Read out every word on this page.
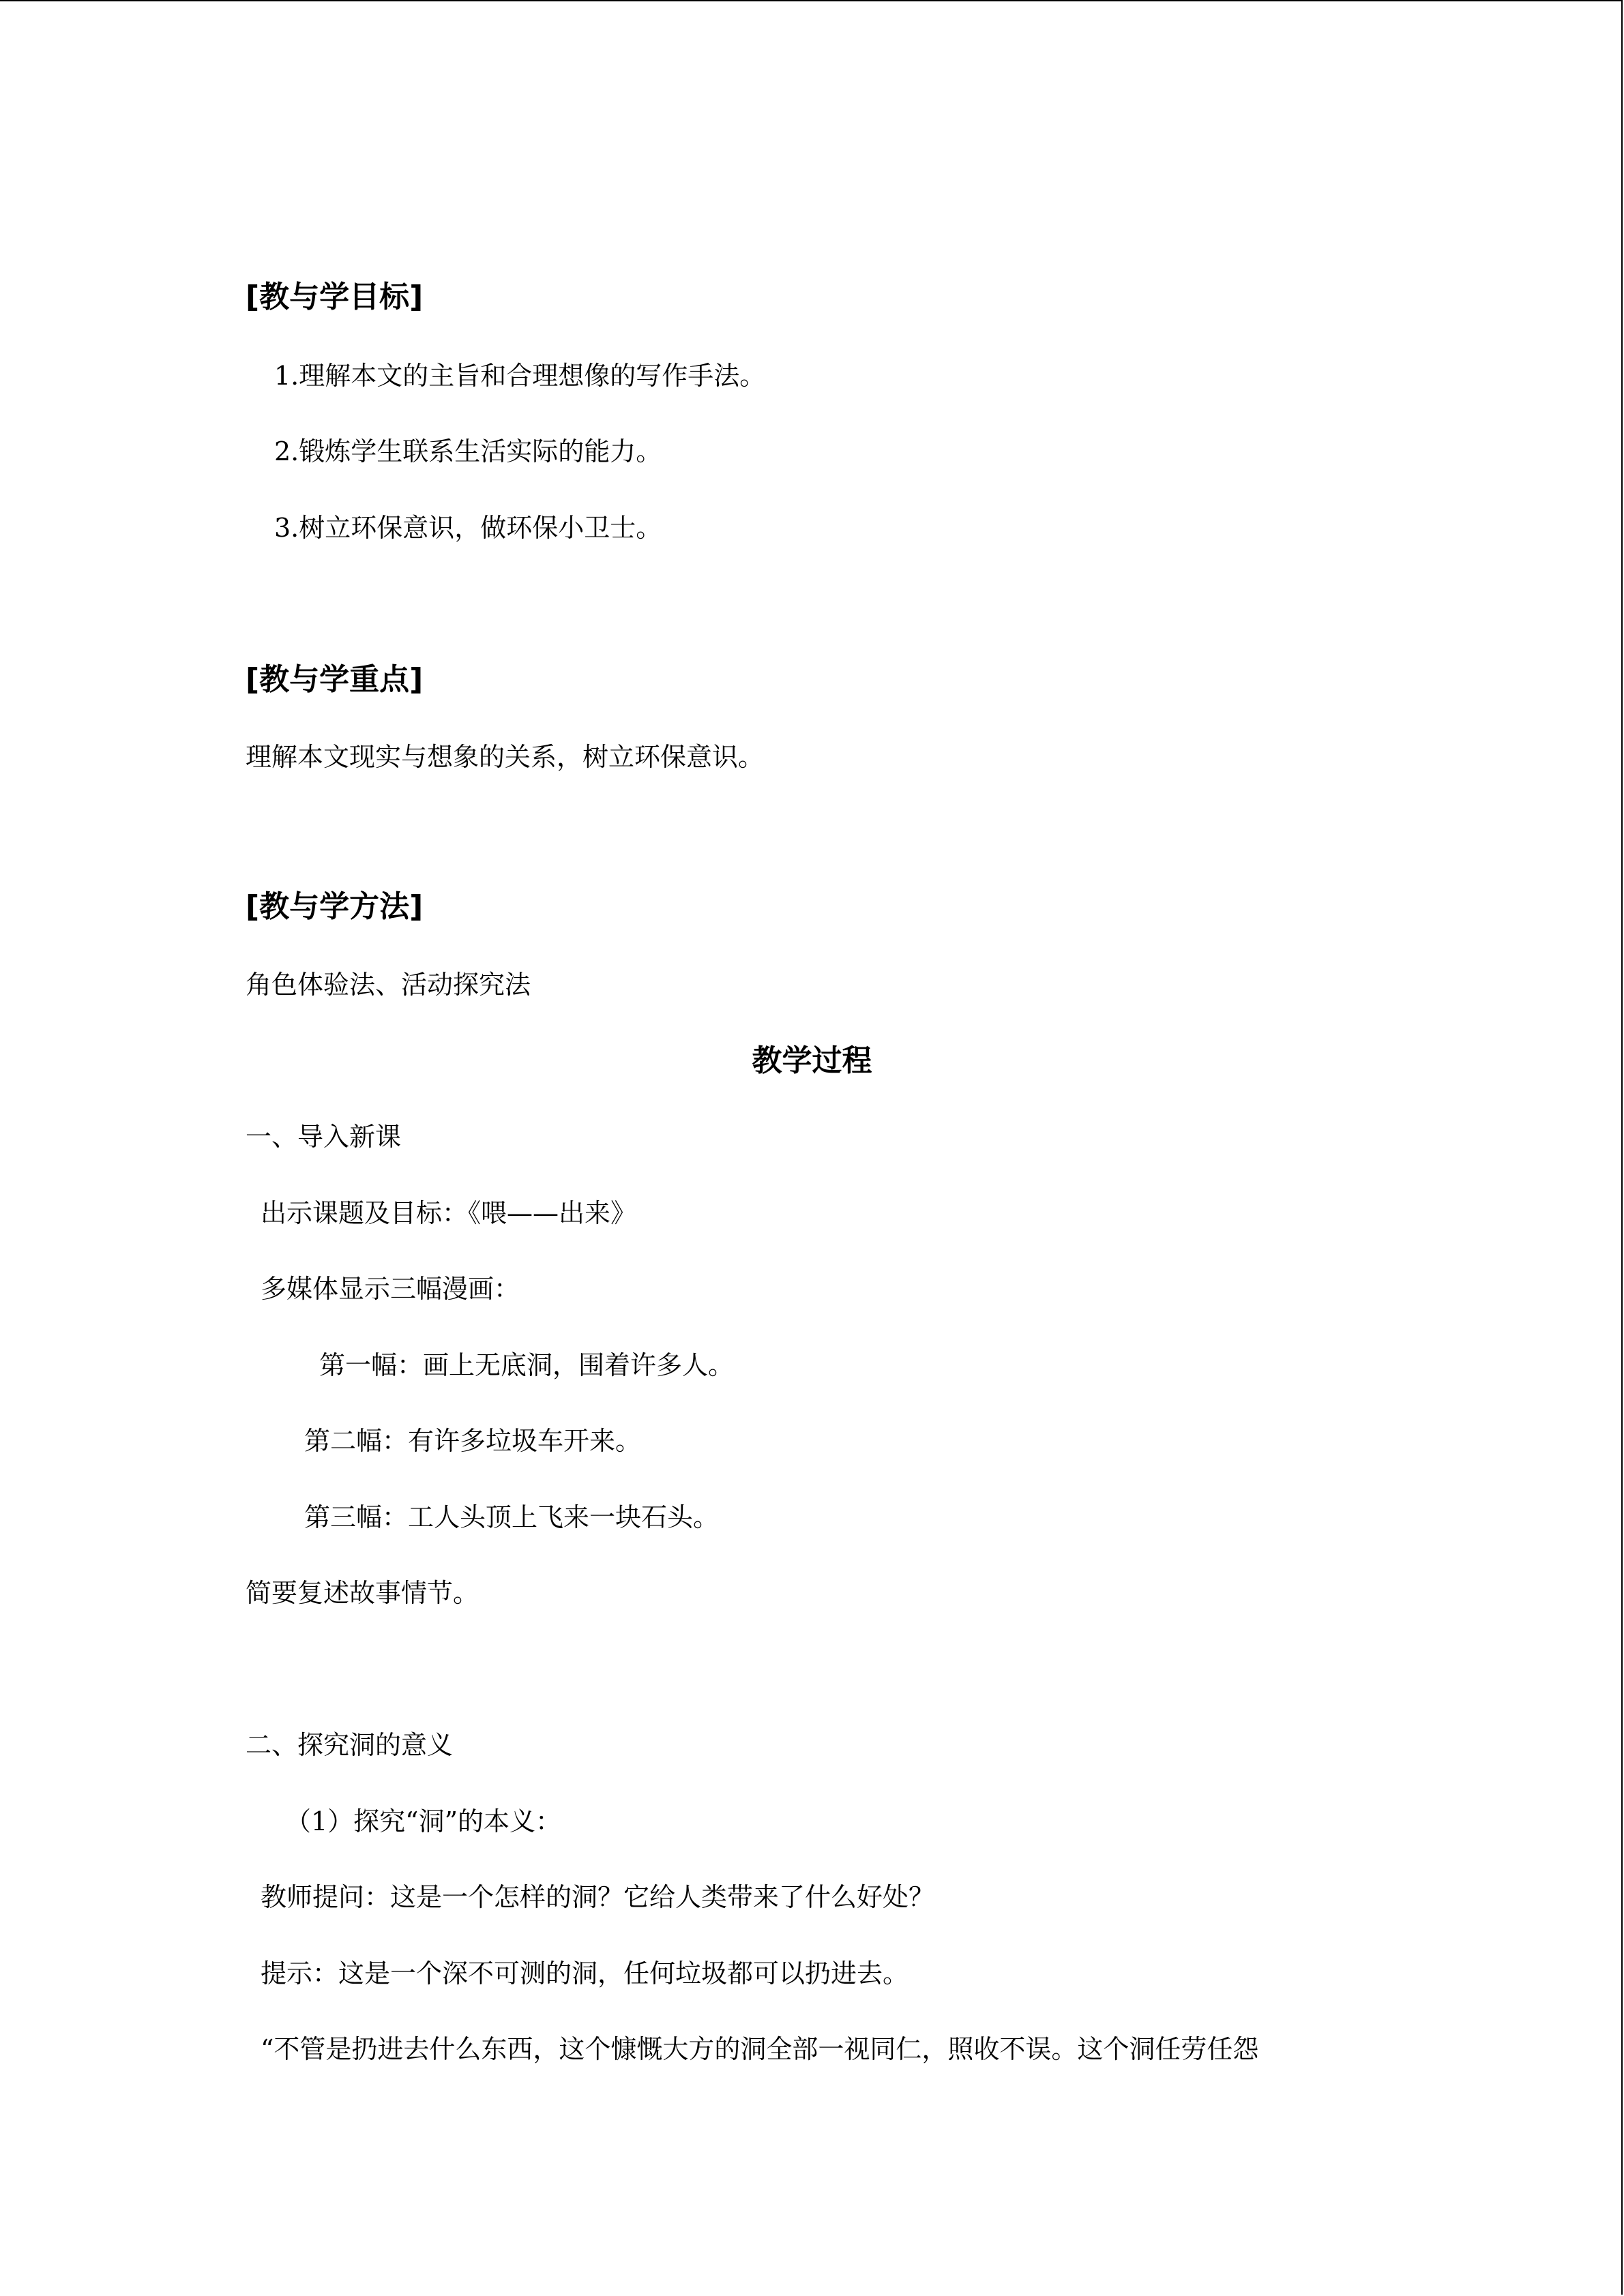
[教与学目标]
1.理解本文的主旨和合理想像的写作手法。
2.锻炼学生联系生活实际的能力。
3.树立环保意识，做环保小卫士。
[教与学重点]
理解本文现实与想象的关系，树立环保意识。
[教与学方法]
角色体验法、活动探究法
教学过程
一、导入新课
出示课题及目标：《喂——出来》
多媒体显示三幅漫画：
第一幅：画上无底洞，围着许多人。
第二幅：有许多垃圾车开来。
第三幅：工人头顶上飞来一块石头。
简要复述故事情节。
二、探究洞的意义
（1）探究“洞”的本义：
教师提问：这是一个怎样的洞？它给人类带来了什么好处？
提示：这是一个深不可测的洞，任何垃圾都可以扔进去。
“不管是扔进去什么东西，这个慷慨大方的洞全部一视同仁，照收不误。这个洞任劳任怨
